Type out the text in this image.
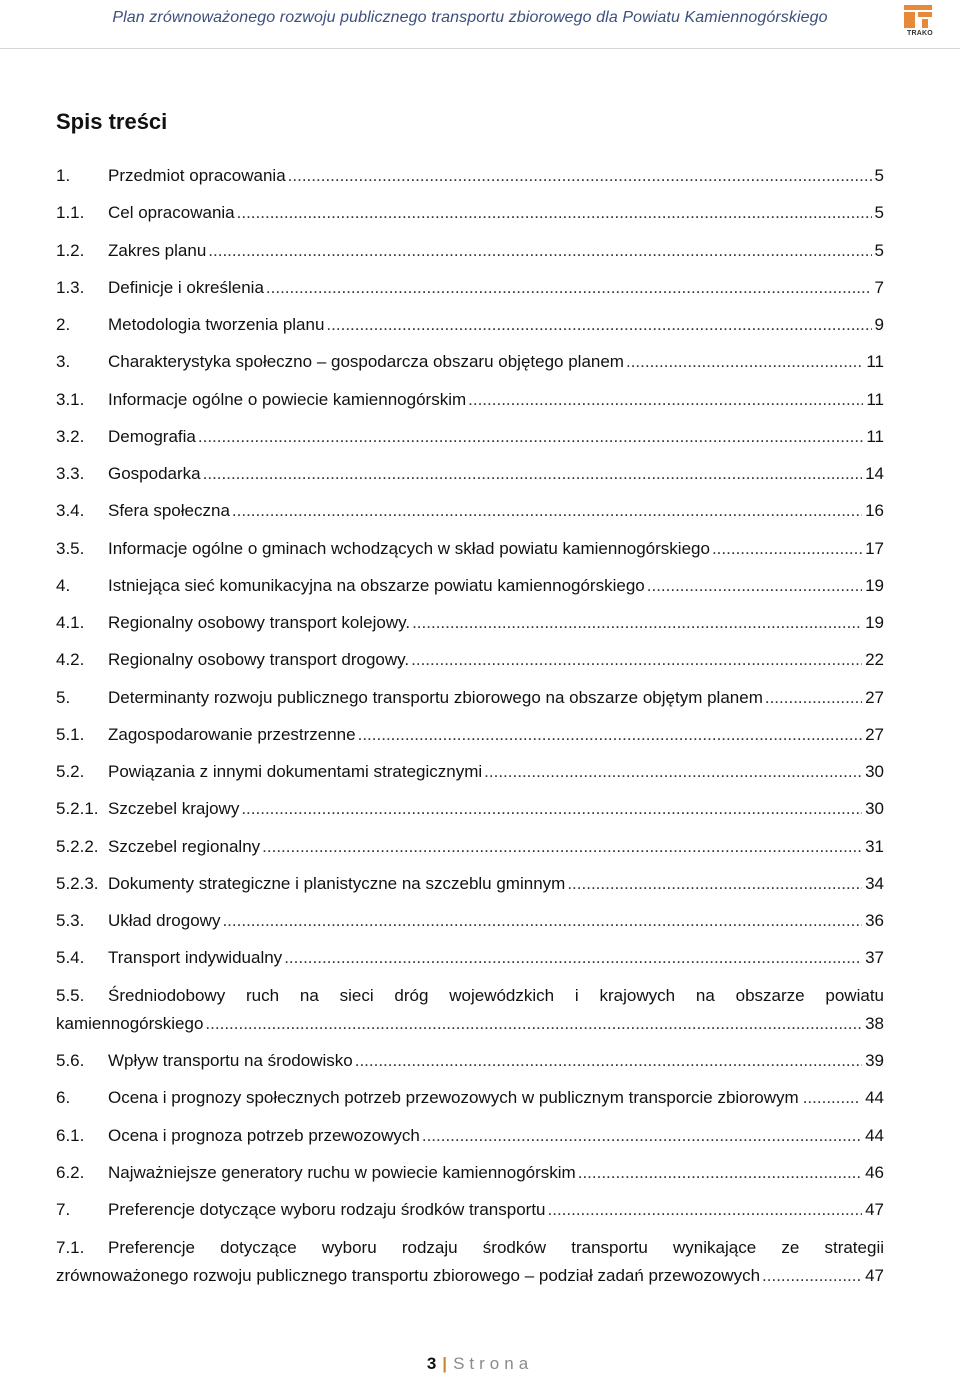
Plan zrównoważonego rozwoju publicznego transportu zbiorowego dla Powiatu Kamiennogórskiego
TRAKO
Spis treści
1.	Przedmiot opracowania .....	5
1.1.	Cel opracowania .....	5
1.2.	Zakres planu .....	5
1.3.	Definicje i określenia .....	7
2.	Metodologia tworzenia planu .....	9
3.	Charakterystyka społeczno – gospodarcza obszaru objętego planem .....	11
3.1.	Informacje ogólne o powiecie kamiennogórskim .....	11
3.2.	Demografia .....	11
3.3.	Gospodarka .....	14
3.4.	Sfera społeczna .....	16
3.5.	Informacje ogólne o gminach wchodzących w skład powiatu kamiennogórskiego .....	17
4.	Istniejąca sieć komunikacyjna na obszarze powiatu kamiennogórskiego .....	19
4.1.	Regionalny osobowy transport kolejowy. .....	19
4.2.	Regionalny osobowy transport drogowy. .....	22
5.	Determinanty rozwoju publicznego transportu zbiorowego na obszarze objętym planem .....	27
5.1.	Zagospodarowanie przestrzenne .....	27
5.2.	Powiązania z innymi dokumentami strategicznymi .....	30
5.2.1. Szczebel krajowy .....	30
5.2.2. Szczebel regionalny .....	31
5.2.3. Dokumenty strategiczne i planistyczne na szczeblu gminnym .....	34
5.3.	Układ drogowy .....	36
5.4.	Transport indywidualny .....	37
5.5.	Średniodobowy ruch na sieci dróg wojewódzkich i krajowych na obszarze powiatu
kamiennogórskiego .....	38
5.6.	Wpływ transportu na środowisko .....	39
6.	Ocena i prognozy społecznych potrzeb przewozowych w publicznym transporcie zbiorowym .....	44
6.1.	Ocena i prognoza potrzeb przewozowych .....	44
6.2.	Najważniejsze generatory ruchu w powiecie kamiennogórskim .....	46
7.	Preferencje dotyczące wyboru rodzaju środków transportu .....	47
7.1.	Preferencje dotyczące wyboru rodzaju środków transportu wynikające ze strategii
zrównoważonego rozwoju publicznego transportu zbiorowego – podział zadań przewozowych .....	47
3 | Strona
